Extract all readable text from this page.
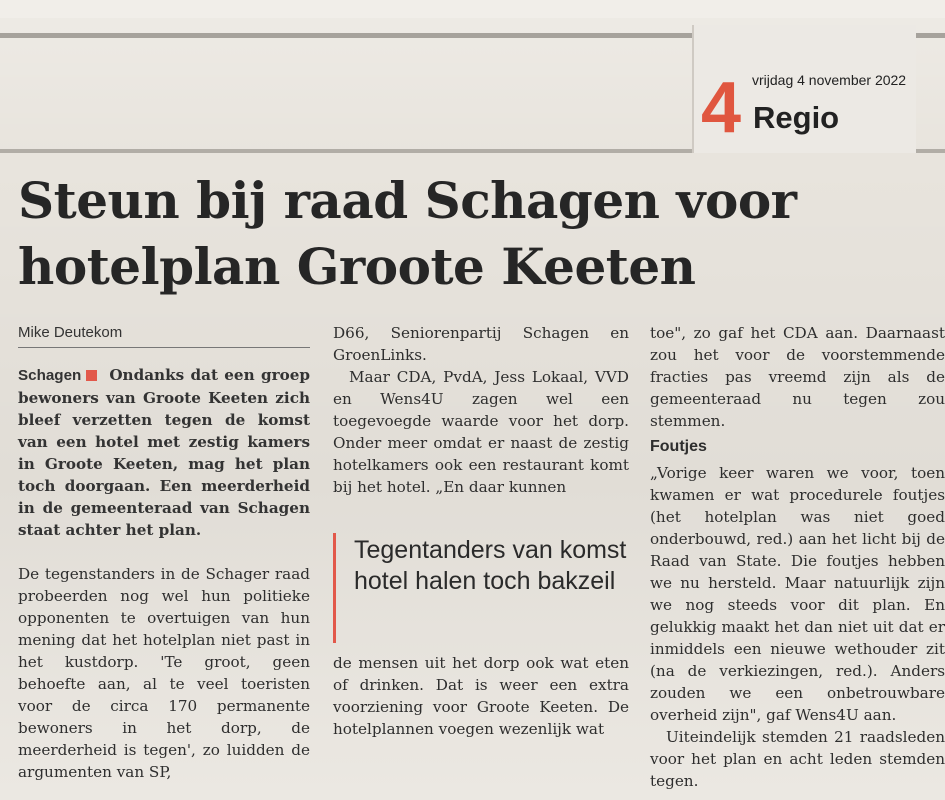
4 vrijdag 4 november 2022
Regio
Steun bij raad Schagen voor
hotelplan Groote Keeten

Mike Deutekom

Schagen Ondanks dat een groep bewoners van Groote Keeten zich bleef verzetten tegen de komst van een hotel met zestig kamers in Groote Keeten, mag het plan toch doorgaan. Een meerderheid in de gemeenteraad van Schagen staat achter het plan.

De tegenstanders in de Schager raad probeerden nog wel hun politieke opponenten te overtuigen van hun mening dat het hotelplan niet past in het kustdorp. 'Te groot, geen behoefte aan, al te veel toeristen voor de circa 170 permanente bewoners in het dorp, de meerderheid is tegen', zo luidden de argumenten van SP,

D66, Seniorenpartij Schagen en GroenLinks.

Maar CDA, PvdA, Jess Lokaal, VVD en Wens4U zagen wel een toegevoegde waarde voor het dorp. Onder meer omdat er naast de zestig hotelkamers ook een restaurant komt bij het hotel. „En daar kunnen

Tegentanders van komst hotel halen toch bakzeil

de mensen uit het dorp ook wat eten of drinken. Dat is weer een extra voorziening voor Groote Keeten. De hotelplannen voegen wezenlijk wat

toe", zo gaf het CDA aan. Daarnaast zou het voor de voorstemmende fracties pas vreemd zijn als de gemeenteraad nu tegen zou stemmen.

Foutjes

„Vorige keer waren we voor, toen kwamen er wat procedurele foutjes (het hotelplan was niet goed onderbouwd, red.) aan het licht bij de Raad van State. Die foutjes hebben we nu hersteld. Maar natuurlijk zijn we nog steeds voor dit plan. En gelukkig maakt het dan niet uit dat er inmiddels een nieuwe wethouder zit (na de verkiezingen, red.). Anders zouden we een onbetrouwbare overheid zijn", gaf Wens4U aan.

Uiteindelijk stemden 21 raadsleden voor het plan en acht leden stemden tegen.
